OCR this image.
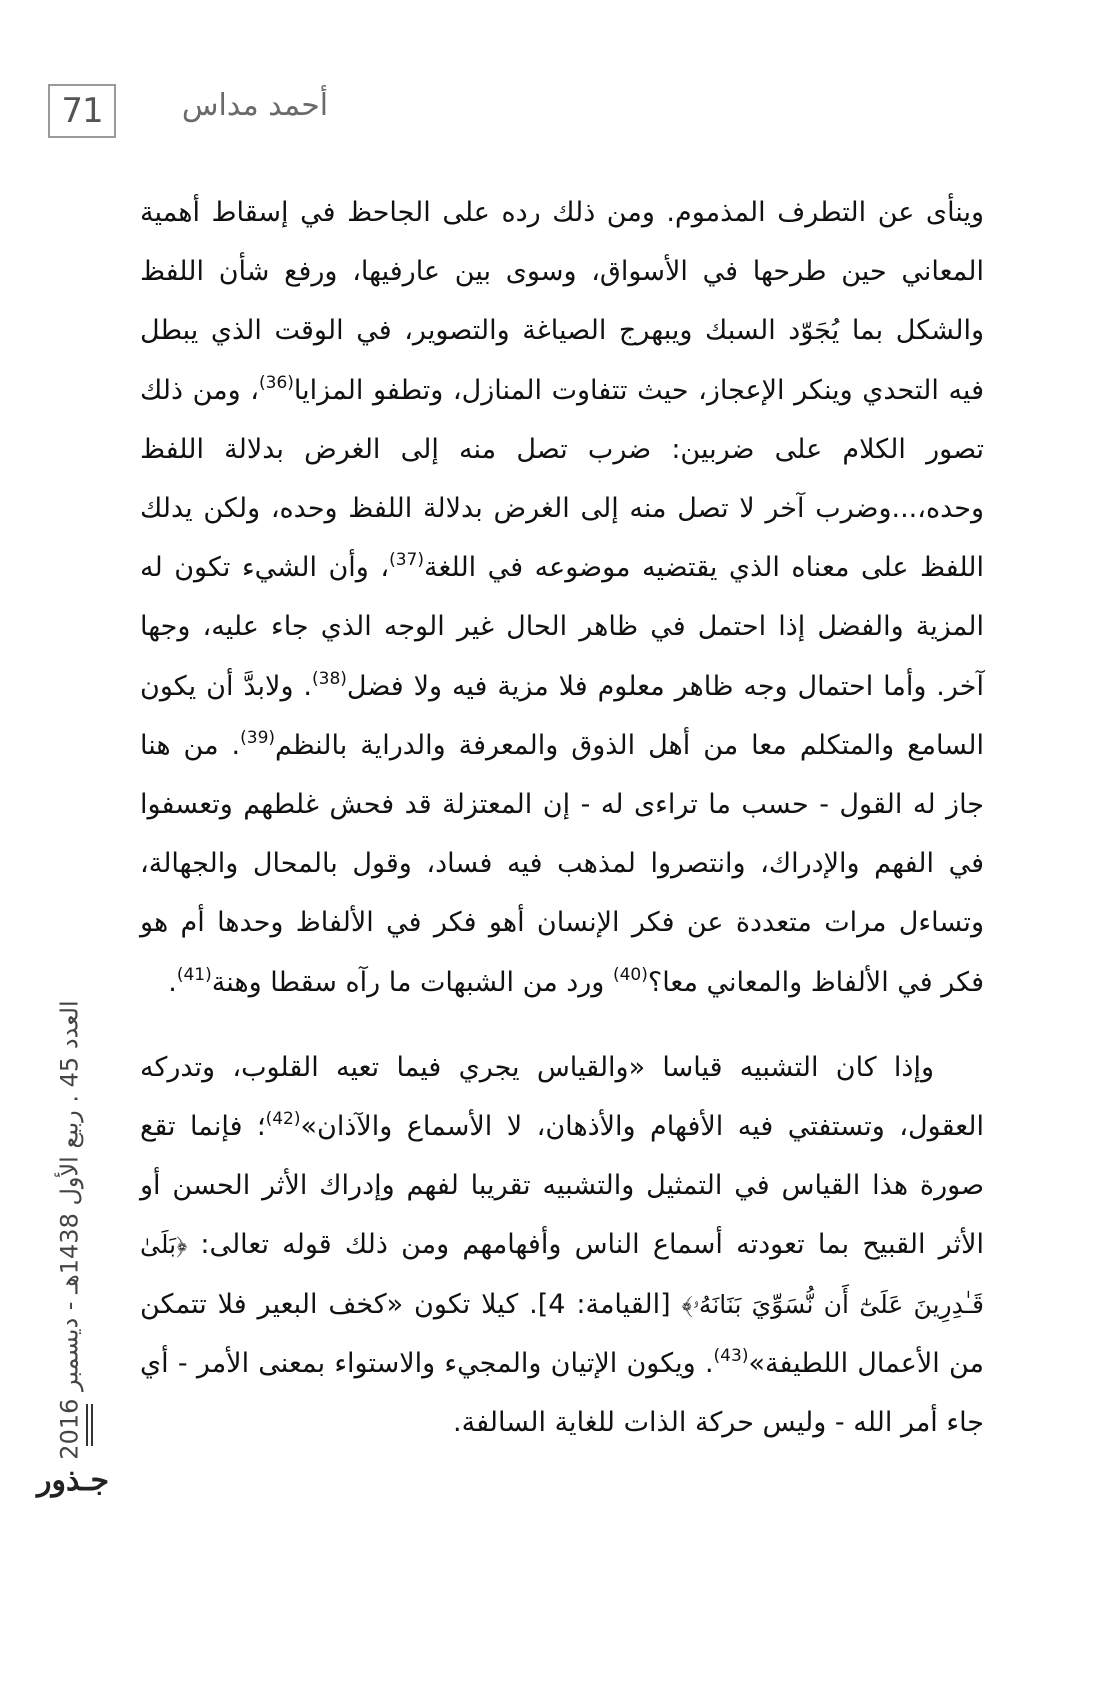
71	أحمد مداس

وينأى عن التطرف المذموم. ومن ذلك رده على الجاحظ في إسقاط أهمية المعاني حين طرحها في الأسواق، وسوى بين عارفيها، ورفع شأن اللفظ والشكل بما يُجَوّد السبك ويبهرج الصياغة والتصوير، في الوقت الذي يبطل فيه التحدي وينكر الإعجاز، حيث تتفاوت المنازل، وتطفو المزايا$^{(36)}$، ومن ذلك تصور الكلام على ضربين: ضرب تصل منه إلى الغرض بدلالة اللفظ وحده،...وضرب آخر لا تصل منه إلى الغرض بدلالة اللفظ وحده، ولكن يدلك اللفظ على معناه الذي يقتضيه موضوعه في اللغة$^{(37)}$، وأن الشيء تكون له المزية والفضل إذا احتمل في ظاهر الحال غير الوجه الذي جاء عليه، وجها آخر. وأما احتمال وجه ظاهر معلوم فلا مزية فيه ولا فضل$^{(38)}$. ولابدَّ أن يكون السامع والمتكلم معا من أهل الذوق والمعرفة والدراية بالنظم$^{(39)}$. من هنا جاز له القول - حسب ما تراءى له - إن المعتزلة قد فحش غلطهم وتعسفوا في الفهم والإدراك، وانتصروا لمذهب فيه فساد، وقول بالمحال والجهالة، وتساءل مرات متعددة عن فكر الإنسان أهو فكر في الألفاظ وحدها أم هو فكر في الألفاظ والمعاني معا؟$^{(40)}$ ورد من الشبهات ما رآه سقطا وهنة$^{(41)}$.

وإذا كان التشبيه قياسا «والقياس يجري فيما تعيه القلوب، وتدركه العقول، وتستفتي فيه الأفهام والأذهان، لا الأسماع والآذان»$^{(42)}$؛ فإنما تقع صورة هذا القياس في التمثيل والتشبيه تقريبا لفهم وإدراك الأثر الحسن أو الأثر القبيح بما تعودته أسماع الناس وأفهامهم ومن ذلك قوله تعالى: ﴿بَلَىٰ قَـٰدِرِينَ عَلَىٰٓ أَن نُّسَوِّيَ بَنَانَهُۥ﴾ [القيامة: 4]. كيلا تكون «كخف البعير فلا تتمكن من الأعمال اللطيفة»$^{(43)}$. ويكون الإتيان والمجيء والاستواء بمعنى الأمر - أي جاء أمر الله - وليس حركة الذات للغاية السالفة.

العدد 45 . ربيع الأول 1438هـ - ديسمبر 2016
جـذور
